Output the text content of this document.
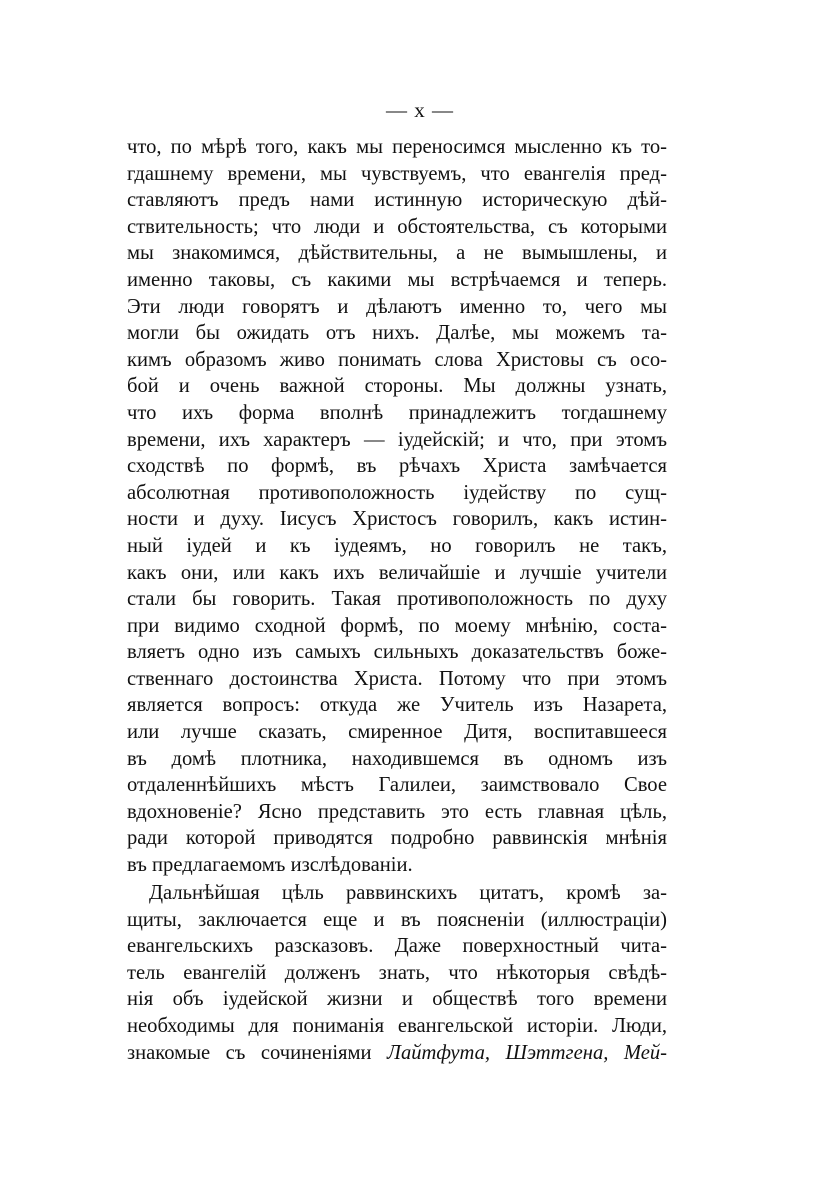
— x —
что, по мѣрѣ того, какъ мы переносимся мысленно къ то-
гдашнему времени, мы чувствуемъ, что евангелія пред-
ставляютъ предъ нами истинную историческую дѣй-
ствительность; что люди и обстоятельства, съ которыми
мы знакомимся, дѣйствительны, а не вымышлены, и
именно таковы, съ какими мы встрѣчаемся и теперь.
Эти люди говорятъ и дѣлаютъ именно то, чего мы
могли бы ожидать отъ нихъ. Далѣе, мы можемъ та-
кимъ образомъ живо понимать слова Христовы съ осо-
бой и очень важной стороны. Мы должны узнать,
что ихъ форма вполнѣ принадлежитъ тогдашнему
времени, ихъ характеръ — іудейскій; и что, при этомъ
сходствѣ по формѣ, въ рѣчахъ Христа замѣчается
абсолютная противоположность іудейству по сущ-
ности и духу. Іисусъ Христосъ говорилъ, какъ истин-
ный іудей и къ іудеямъ, но говорилъ не такъ,
какъ они, или какъ ихъ величайшіе и лучшіе учители
стали бы говорить. Такая противоположность по духу
при видимо сходной формѣ, по моему мнѣнію, состa-
вляетъ одно изъ самыхъ сильныхъ доказательствъ боже-
ственнаго достоинства Христа. Потому что при этомъ
является вопросъ: откуда же Учитель изъ Назарета,
или лучше сказать, смиренное Дитя, воспитавшееся
въ домѣ плотника, находившемся въ одномъ изъ
отдаленнѣйшихъ мѣстъ Галилеи, заимствовало Свое
вдохновеніе? Ясно представить это есть главная цѣль,
ради которой приводятся подробно раввинскія мнѣнія
въ предлагаемомъ изслѣдованіи.
Дальнѣйшая цѣль раввинскихъ цитатъ, кромѣ за-
щиты, заключается еще и въ поясненіи (иллюстраціи)
евангельскихъ разсказовъ. Даже поверхностный чита-
тель евангелій долженъ знать, что нѣкоторыя свѣдѣ-
нія объ іудейской жизни и обществѣ того времени
необходимы для пониманія евангельской исторіи. Люди,
знакомые съ сочиненіями Лайтфута, Шэттгена, Мей-
